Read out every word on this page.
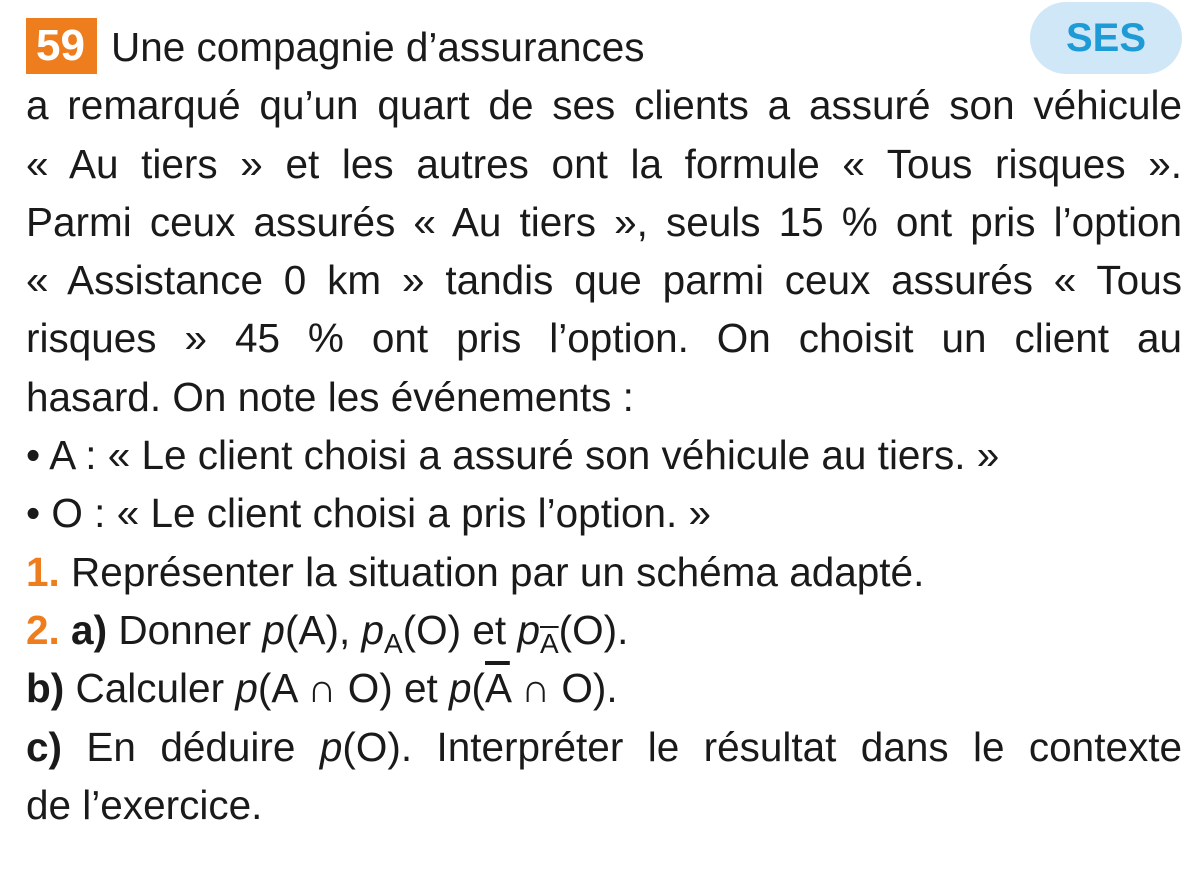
SES
59 Une compagnie d’assurances
a remarqué qu’un quart de ses clients a assuré son véhicule
« Au tiers » et les autres ont la formule « Tous risques ».
Parmi ceux assurés « Au tiers », seuls 15 % ont pris l’option
« Assistance 0 km » tandis que parmi ceux assurés « Tous
risques » 45 % ont pris l’option. On choisit un client au
hasard. On note les événements :
• A : « Le client choisi a assuré son véhicule au tiers. »
• O : « Le client choisi a pris l’option. »
1. Représenter la situation par un schéma adapté.
2. a) Donner p(A), $p_A(O)$ et $p_{\overline{A}}(O)$.
b) Calculer p(A ∩ O) et $p(\overline{A}$ ∩ O).
c) En déduire p(O). Interpréter le résultat dans le contexte
de l’exercice.
